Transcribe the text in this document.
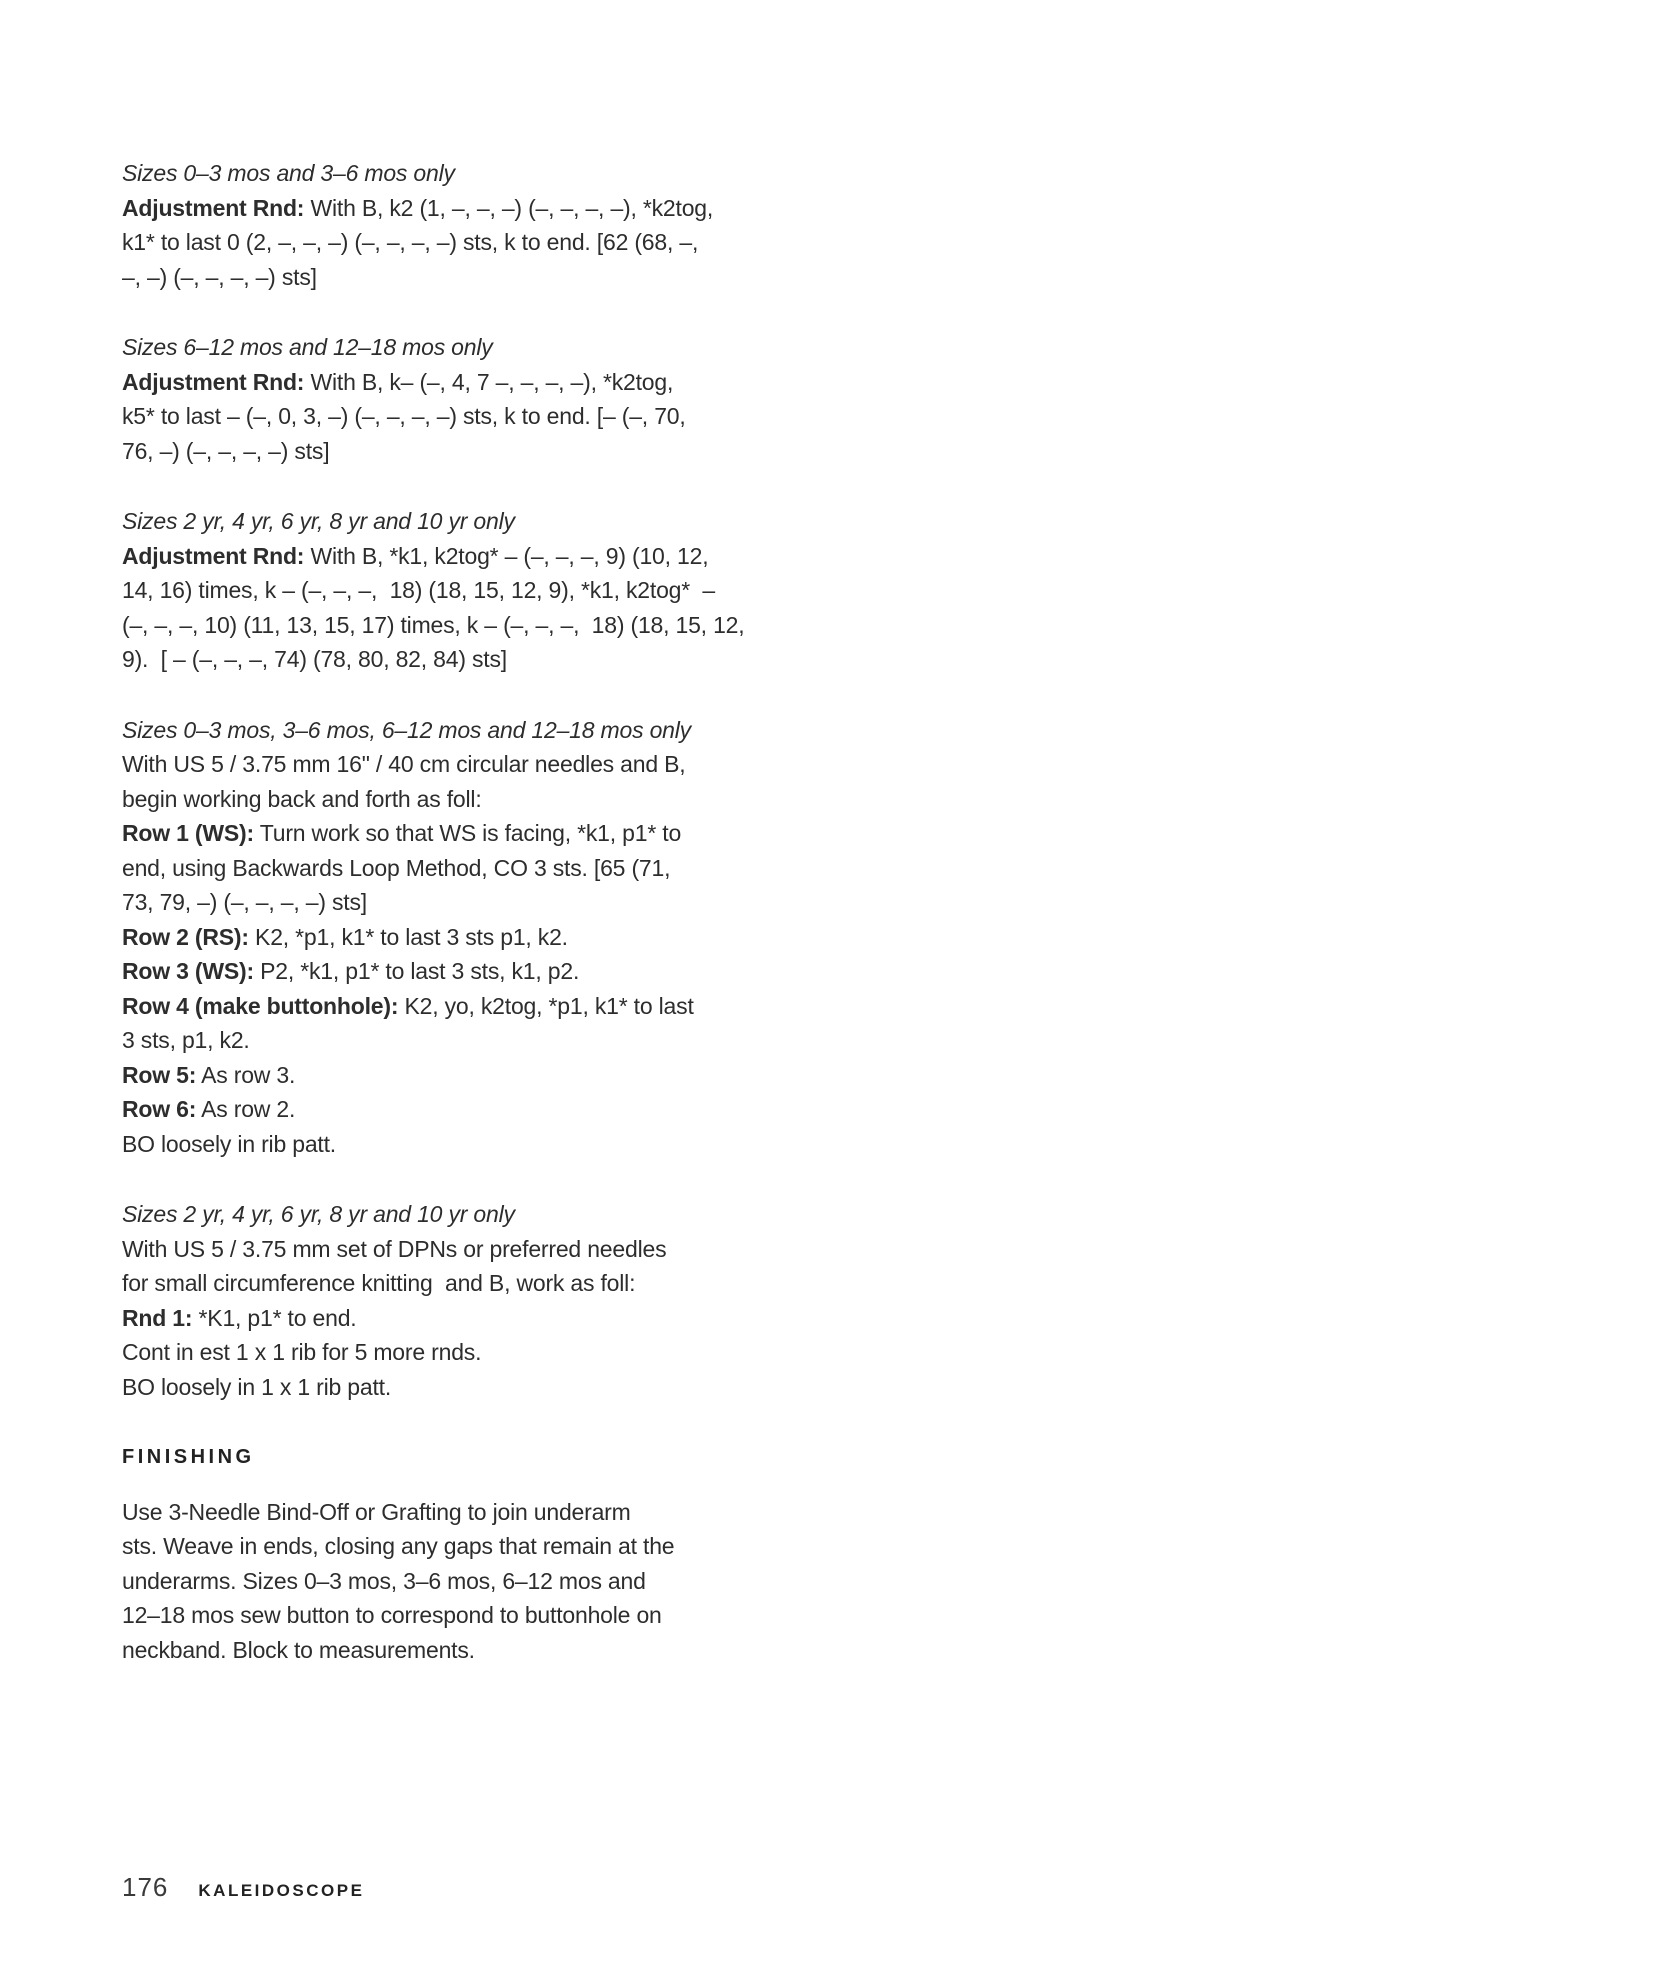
Sizes 0–3 mos and 3–6 mos only
Adjustment Rnd: With B, k2 (1, –, –, –) (–, –, –, –), *k2tog,
k1* to last 0 (2, –, –, –) (–, –, –, –) sts, k to end. [62 (68, –,
–, –) (–, –, –, –) sts]
Sizes 6–12 mos and 12–18 mos only
Adjustment Rnd: With B, k– (–, 4, 7 –, –, –, –), *k2tog,
k5* to last – (–, 0, 3, –) (–, –, –, –) sts, k to end. [– (–, 70,
76, –) (–, –, –, –) sts]
Sizes 2 yr, 4 yr, 6 yr, 8 yr and 10 yr only
Adjustment Rnd: With B, *k1, k2tog* – (–, –, –, 9) (10, 12,
14, 16) times, k – (–, –, –,  18) (18, 15, 12, 9), *k1, k2tog*  –
(–, –, –, 10) (11, 13, 15, 17) times, k – (–, –, –,  18) (18, 15, 12,
9).  [ – (–, –, –, 74) (78, 80, 82, 84) sts]
Sizes 0–3 mos, 3–6 mos, 6–12 mos and 12–18 mos only
With US 5 / 3.75 mm 16" / 40 cm circular needles and B,
begin working back and forth as foll:
Row 1 (WS): Turn work so that WS is facing, *k1, p1* to
end, using Backwards Loop Method, CO 3 sts. [65 (71,
73, 79, –) (–, –, –, –) sts]
Row 2 (RS): K2, *p1, k1* to last 3 sts p1, k2.
Row 3 (WS): P2, *k1, p1* to last 3 sts, k1, p2.
Row 4 (make buttonhole): K2, yo, k2tog, *p1, k1* to last
3 sts, p1, k2.
Row 5: As row 3.
Row 6: As row 2.
BO loosely in rib patt.
Sizes 2 yr, 4 yr, 6 yr, 8 yr and 10 yr only
With US 5 / 3.75 mm set of DPNs or preferred needles
for small circumference knitting  and B, work as foll:
Rnd 1: *K1, p1* to end.
Cont in est 1 x 1 rib for 5 more rnds.
BO loosely in 1 x 1 rib patt.
FINISHING
Use 3-Needle Bind-Off or Grafting to join underarm
sts. Weave in ends, closing any gaps that remain at the
underarms. Sizes 0–3 mos, 3–6 mos, 6–12 mos and
12–18 mos sew button to correspond to buttonhole on
neckband. Block to measurements.
176 KALEIDOSCOPE
